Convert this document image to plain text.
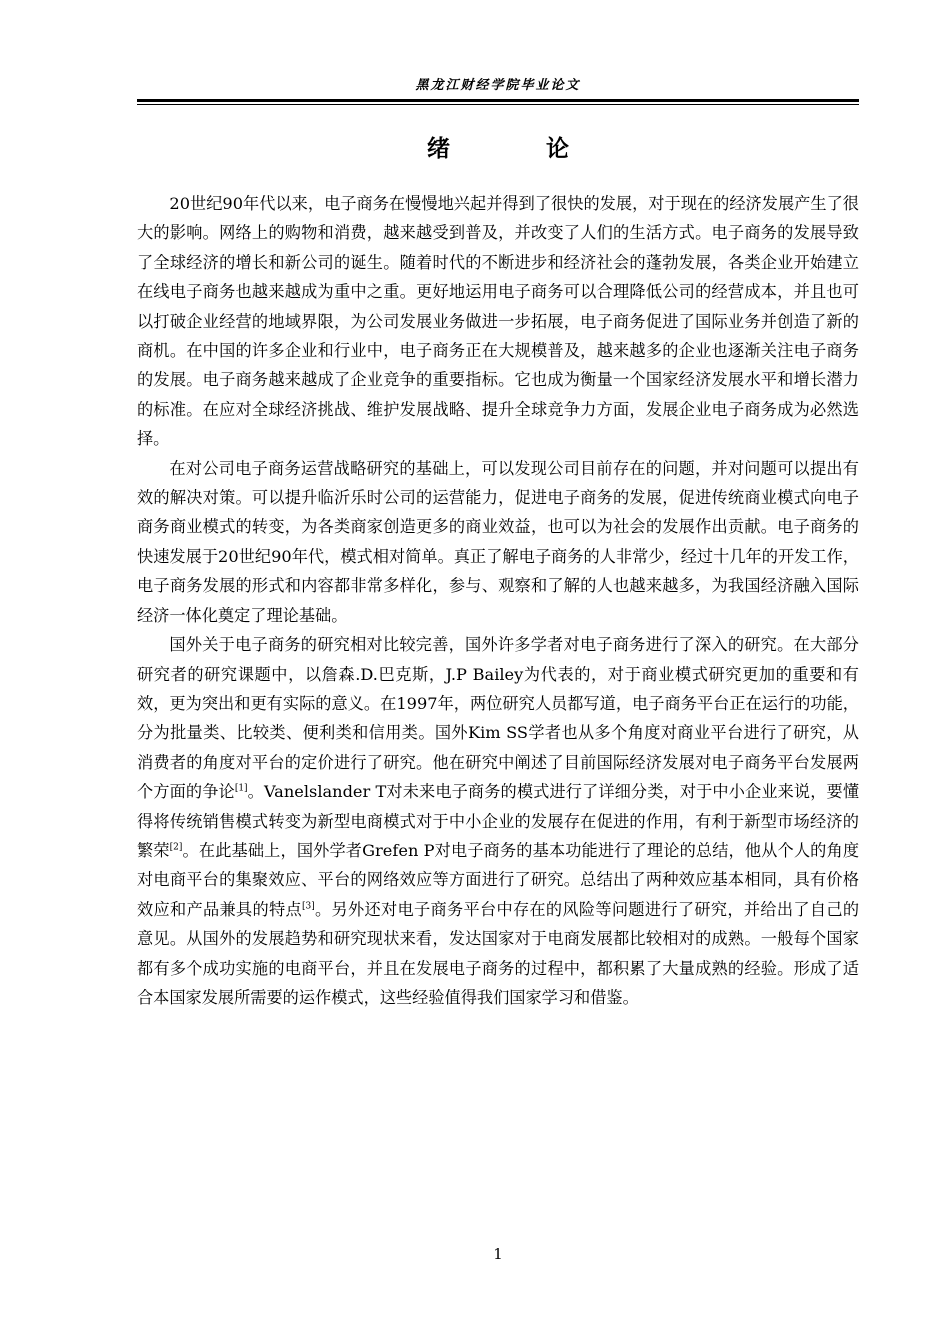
黑龙江财经学院毕业论文
绪 论

20世纪90年代以来，电子商务在慢慢地兴起并得到了很快的发展，对于现在的经济发展产生了很大的影响。网络上的购物和消费，越来越受到普及，并改变了人们的生活方式。电子商务的发展导致了全球经济的增长和新公司的诞生。随着时代的不断进步和经济社会的蓬勃发展，各类企业开始建立在线电子商务也越来越成为重中之重。更好地运用电子商务可以合理降低公司的经营成本，并且也可以打破企业经营的地域界限，为公司发展业务做进一步拓展，电子商务促进了国际业务并创造了新的商机。在中国的许多企业和行业中，电子商务正在大规模普及，越来越多的企业也逐渐关注电子商务的发展。电子商务越来越成了企业竞争的重要指标。它也成为衡量一个国家经济发展水平和增长潜力的标准。在应对全球经济挑战、维护发展战略、提升全球竞争力方面，发展企业电子商务成为必然选择。

在对公司电子商务运营战略研究的基础上，可以发现公司目前存在的问题，并对问题可以提出有效的解决对策。可以提升临沂乐时公司的运营能力，促进电子商务的发展，促进传统商业模式向电子商务商业模式的转变，为各类商家创造更多的商业效益，也可以为社会的发展作出贡献。电子商务的快速发展于20世纪90年代，模式相对简单。真正了解电子商务的人非常少，经过十几年的开发工作，电子商务发展的形式和内容都非常多样化，参与、观察和了解的人也越来越多，为我国经济融入国际经济一体化奠定了理论基础。

国外关于电子商务的研究相对比较完善，国外许多学者对电子商务进行了深入的研究。在大部分研究者的研究课题中，以詹森.D.巴克斯，J.P Bailey为代表的，对于商业模式研究更加的重要和有效，更为突出和更有实际的意义。在1997年，两位研究人员都写道，电子商务平台正在运行的功能，分为批量类、比较类、便利类和信用类。国外Kim SS学者也从多个角度对商业平台进行了研究，从消费者的角度对平台的定价进行了研究。他在研究中阐述了目前国际经济发展对电子商务平台发展两个方面的争论[1]。Vanelslander T对未来电子商务的模式进行了详细分类，对于中小企业来说，要懂得将传统销售模式转变为新型电商模式对于中小企业的发展存在促进的作用，有利于新型市场经济的繁荣[2]。在此基础上，国外学者Grefen P对电子商务的基本功能进行了理论的总结，他从个人的角度对电商平台的集聚效应、平台的网络效应等方面进行了研究。总结出了两种效应基本相同，具有价格效应和产品兼具的特点[3]。另外还对电子商务平台中存在的风险等问题进行了研究，并给出了自己的意见。从国外的发展趋势和研究现状来看，发达国家对于电商发展都比较相对的成熟。一般每个国家都有多个成功实施的电商平台，并且在发展电子商务的过程中，都积累了大量成熟的经验。形成了适合本国家发展所需要的运作模式，这些经验值得我们国家学习和借鉴。

1
